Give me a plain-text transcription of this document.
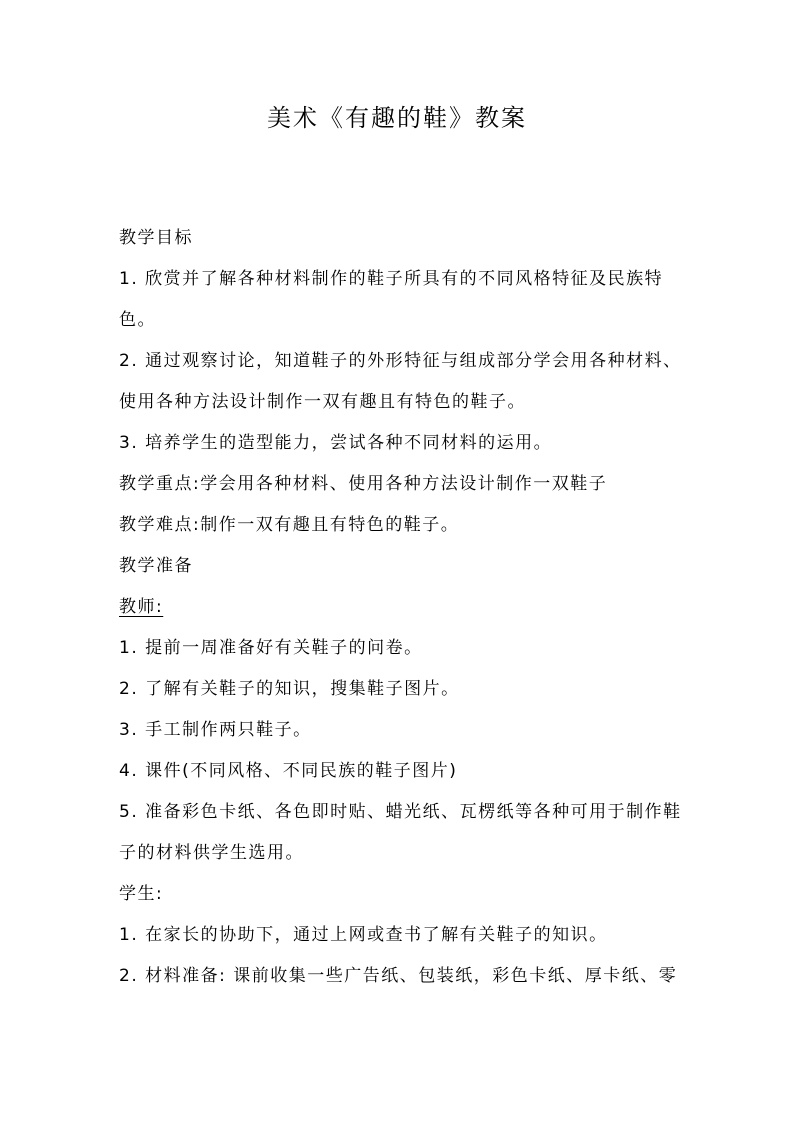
美术《有趣的鞋》教案
教学目标
1. 欣赏并了解各种材料制作的鞋子所具有的不同风格特征及民族特
色。
2. 通过观察讨论，知道鞋子的外形特征与组成部分学会用各种材料、
使用各种方法设计制作一双有趣且有特色的鞋子。
3. 培养学生的造型能力，尝试各种不同材料的运用。
教学重点:学会用各种材料、使用各种方法设计制作一双鞋子
教学难点:制作一双有趣且有特色的鞋子。
教学准备
教师:
1. 提前一周准备好有关鞋子的问卷。
2. 了解有关鞋子的知识，搜集鞋子图片。
3. 手工制作两只鞋子。
4. 课件(不同风格、不同民族的鞋子图片)
5. 准备彩色卡纸、各色即时贴、蜡光纸、瓦楞纸等各种可用于制作鞋
子的材料供学生选用。
学生:
1. 在家长的协助下，通过上网或查书了解有关鞋子的知识。
2. 材料准备: 课前收集一些广告纸、包装纸，彩色卡纸、厚卡纸、零
